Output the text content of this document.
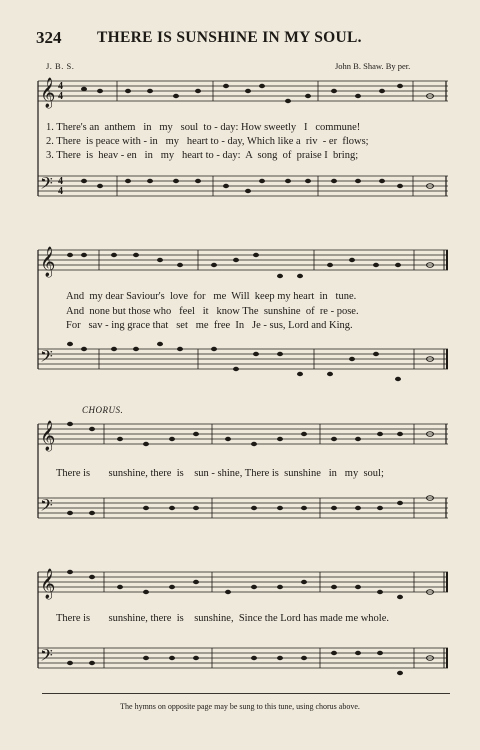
324 THERE IS SUNSHINE IN MY SOUL.
J. B. S.	John B. Shaw. By per.
𝄞
𝄢
4
4
4
4
1. There's an  anthem   in   my   soul  to - day: How sweetly   I   commune!
2. There  is peace with - in   my   heart to - day, Which like a  riv  - er  flows;
3. There  is  heav - en   in   my   heart to - day:  A  song  of  praise I  bring;
𝄞
𝄢
And  my dear Saviour's  love  for   me  Will  keep my heart  in   tune.
And  none but those who   feel   it   know The  sunshine  of  re - pose.
For   sav - ing grace that   set   me  free  In   Je - sus, Lord and King.
CHORUS.
𝄞
𝄢
There is       sunshine, there  is    sun - shine, There is  sunshine   in   my  soul;
𝄞
𝄢
There is       sunshine, there  is    sunshine,  Since the Lord has made me whole.
The hymns on opposite page may be sung to this tune, using chorus above.
